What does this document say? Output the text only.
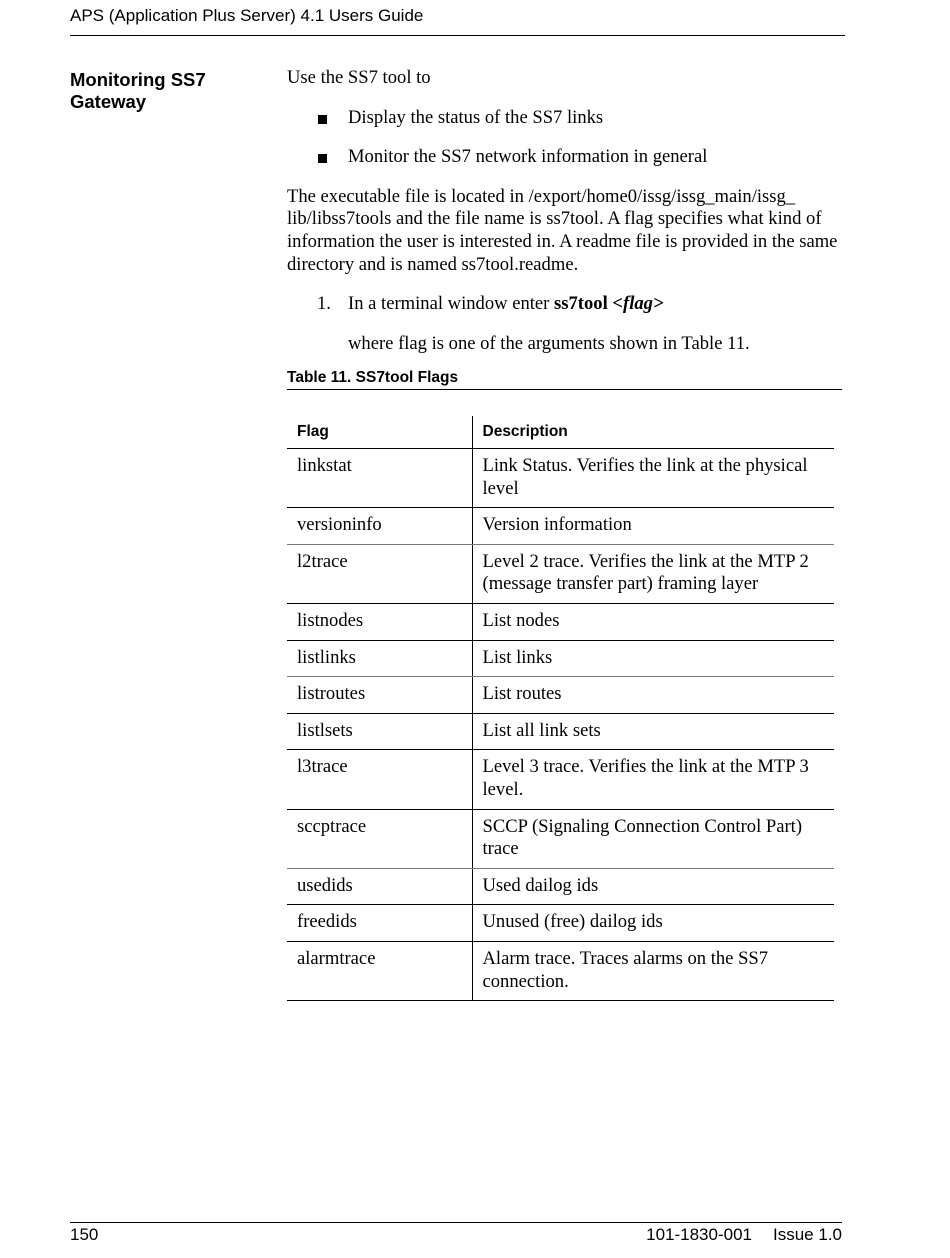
APS (Application Plus Server) 4.1 Users Guide
Monitoring SS7 Gateway

Use the SS7 tool to

Display the status of the SS7 links

Monitor the SS7 network information in general

The executable file is located in /export/home0/issg/issg_main/issg_ lib/libss7tools and the file name is ss7tool. A flag specifies what kind of information the user is interested in. A readme file is provided in the same directory and is named ss7tool.readme.

1. In a terminal window enter ss7tool <flag>

where flag is one of the arguments shown in Table 11.

Table 11. SS7tool Flags
Flag	Description
linkstat	Link Status. Verifies the link at the physical level
versioninfo	Version information
l2trace	Level 2 trace. Verifies the link at the MTP 2 (message transfer part) framing layer
listnodes	List nodes
listlinks	List links
listroutes	List routes
listlsets	List all link sets
l3trace	Level 3 trace. Verifies the link at the MTP 3 level.
sccptrace	SCCP (Signaling Connection Control Part) trace
usedids	Used dailog ids
freedids	Unused (free) dailog ids
alarmtrace	Alarm trace. Traces alarms on the SS7 connection.
150	101-1830-001 Issue 1.0
